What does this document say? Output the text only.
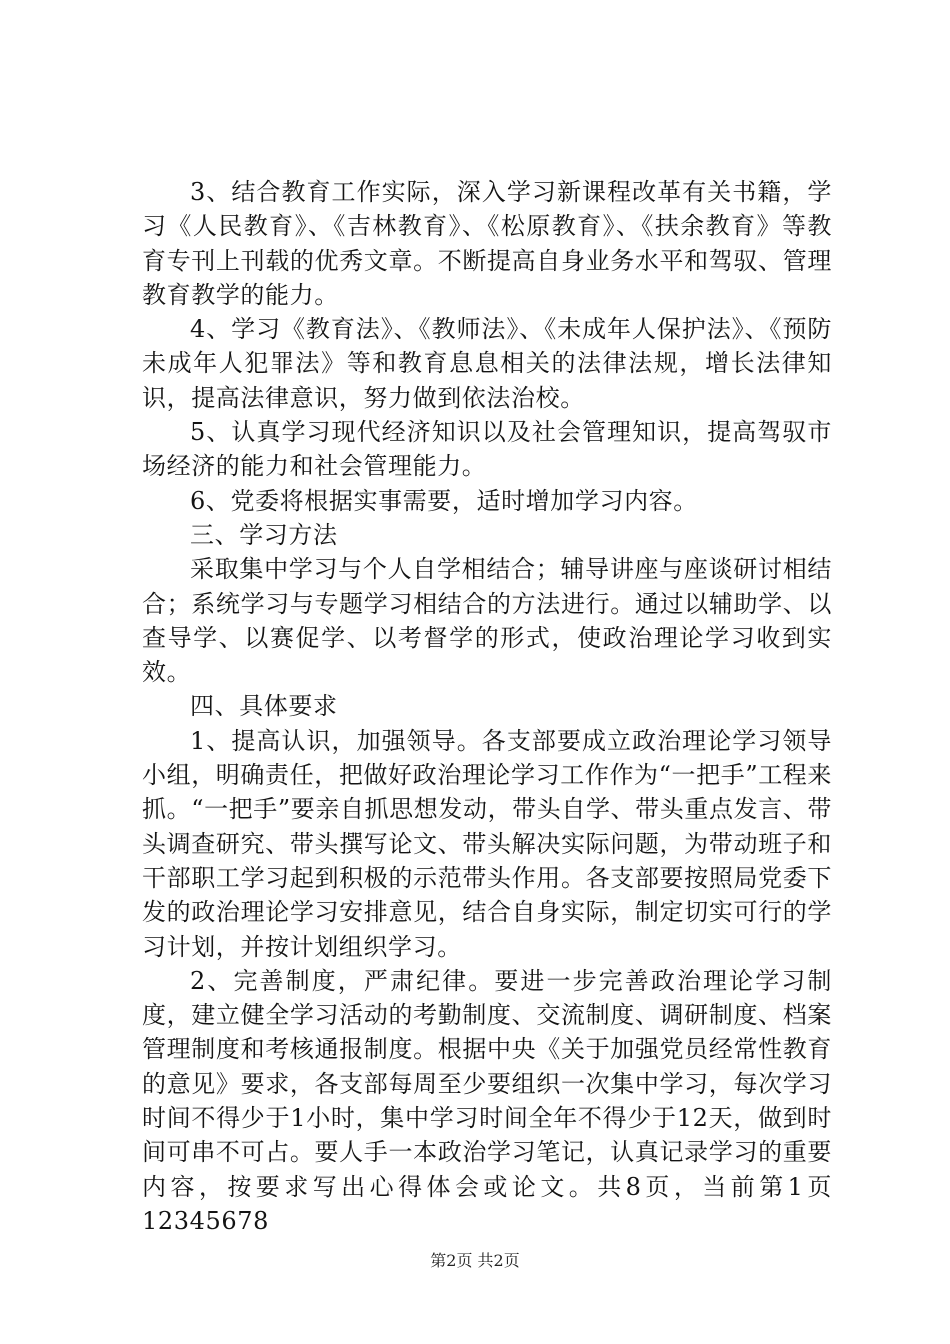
3、结合教育工作实际，深入学习新课程改革有关书籍，学习《人民教育》、《吉林教育》、《松原教育》、《扶余教育》等教育专刊上刊载的优秀文章。不断提高自身业务水平和驾驭、管理教育教学的能力。

4、学习《教育法》、《教师法》、《未成年人保护法》、《预防未成年人犯罪法》等和教育息息相关的法律法规，增长法律知识，提高法律意识，努力做到依法治校。

5、认真学习现代经济知识以及社会管理知识，提高驾驭市场经济的能力和社会管理能力。

6、党委将根据实事需要，适时增加学习内容。

三、学习方法

采取集中学习与个人自学相结合；辅导讲座与座谈研讨相结合；系统学习与专题学习相结合的方法进行。通过以辅助学、以查导学、以赛促学、以考督学的形式，使政治理论学习收到实效。

四、具体要求

1、提高认识，加强领导。各支部要成立政治理论学习领导小组，明确责任，把做好政治理论学习工作作为“一把手”工程来抓。“一把手”要亲自抓思想发动，带头自学、带头重点发言、带头调查研究、带头撰写论文、带头解决实际问题，为带动班子和干部职工学习起到积极的示范带头作用。各支部要按照局党委下发的政治理论学习安排意见，结合自身实际，制定切实可行的学习计划，并按计划组织学习。

2、完善制度，严肃纪律。要进一步完善政治理论学习制度，建立健全学习活动的考勤制度、交流制度、调研制度、档案管理制度和考核通报制度。根据中央《关于加强党员经常性教育的意见》要求，各支部每周至少要组织一次集中学习，每次学习时间不得少于1小时，集中学习时间全年不得少于12天，做到时间可串不可占。要人手一本政治学习笔记，认真记录学习的重要内容，按要求写出心得体会或论文。共8页，当前第1页12345678

第2页 共2页
